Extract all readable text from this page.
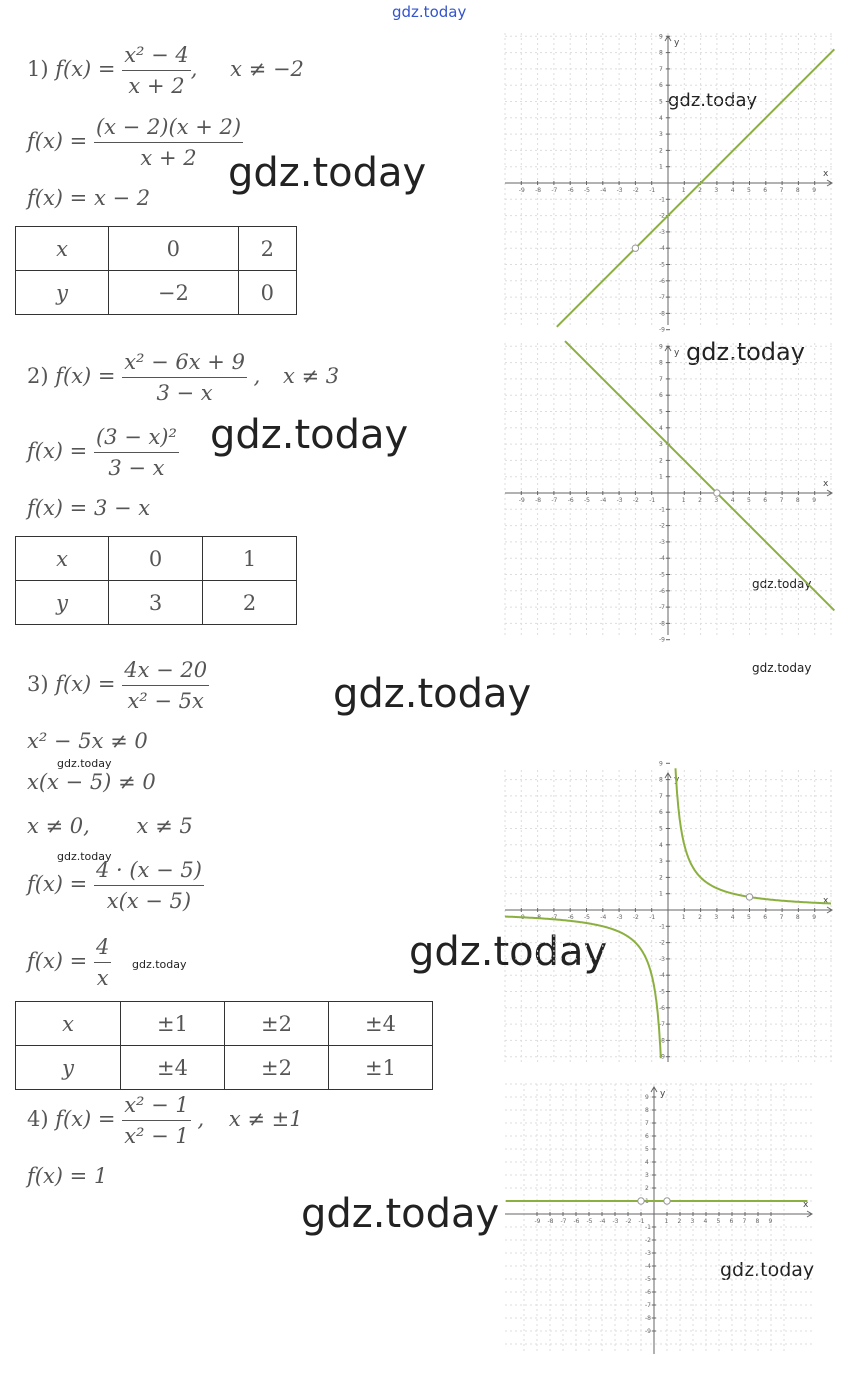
gdz.today
gdz.today
gdz.today
gdz.today
gdz.today
gdz.today
gdz.today
gdz.today
gdz.today
gdz.today
gdz.today
gdz.today
gdz.today
gdz.today
1) $f(x) = \frac{\text{x² − 4}}{x + 2}$ , x ≠ −2
$f(x) = \frac{(x - 2)(x + 2)}{x + 2}$
f(x) = x − 2
x	0	2
y	−2	0
2) $f(x) = \frac{\text{x² − 6x + 9}}{3 - x}$ , x ≠ 3
$f(x) = \frac{\text{(3 − x)²}}{3 - x}$
f(x) = 3 − x
x	0	1
y	3	2
3) $f(x) = \frac{4x - 20}{\text{x² − 5x}}$
x² − 5x ≠ 0
x(x − 5) ≠ 0
x ≠ 0,       x ≠ 5
$f(x) = \frac{4 \cdot (x - 5)}{x(x - 5)}$
$f(x) = \frac{4}{x}$
x	±1	±2	±4
y	±4	±2	±1
4) $f(x) = \frac{\text{x² − 1}}{\text{x² − 1}}$ , x ≠ ±1
f(x) = 1
x
y
-9 -8 -7 -6 -5 -4 -3 -2 -1	1 2 3 4 5 6 7 8 9
9
8
7
6
5
4
3
2
1
-1
-2
-3
-4
-5
-6
-7
-8
-9
x
y
-9 -8 -7 -6 -5 -4 -3 -2 -1	1 2 3 4 5 6 7 8 9
9
8
7
6
5
4
3
2
1
-1
-2
-3
-4
-5
-6
-7
-8
-9
x
y
-9 -8 -7 -6 -5 -4 -3 -2 -1	1 2 3 4 5 6 7 8 9
9
8
7
6
5
4
3
2
1
-1
-2
-3
-4
-5
-6
-7
-8
-9
x
y
-9 -8 -7 -6 -5 -4 -3 -2 -1	1 2 3 4 5 6 7 8 9
9
8
7
6
5
4
3
2
1
-1
-2
-3
-4
-5
-6
-7
-8
-9
